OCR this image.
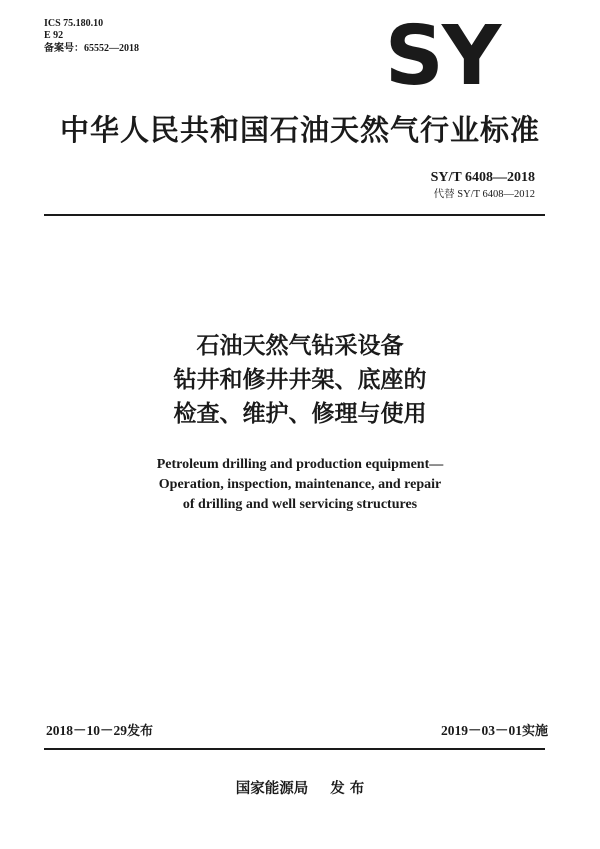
ICS 75.180.10
E 92
备案号：65552—2018	SY
中华人民共和国石油天然气行业标准
SY/T 6408—2018
代替 SY/T 6408—2012
石油天然气钻采设备
钻井和修井井架、底座的
检查、维护、修理与使用
Petroleum drilling and production equipment—
Operation, inspection, maintenance, and repair
of drilling and well servicing structures
2018－10－29发布	2019－03－01实施
国家能源局 发 布
